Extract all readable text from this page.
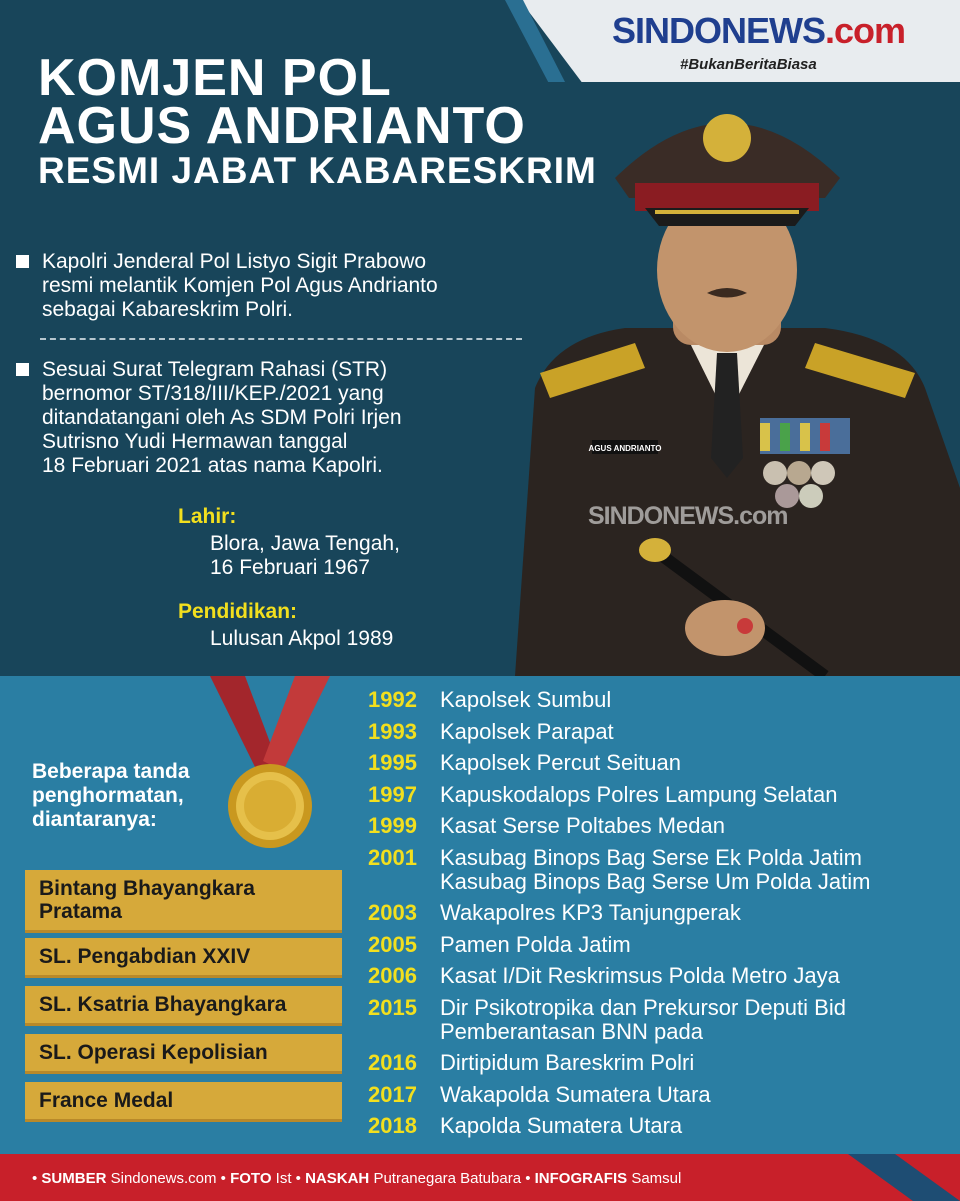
SINDONEWS.com
#BukanBeritaBiasa
KOMJEN POL
AGUS ANDRIANTO
RESMI JABAT KABARESKRIM
Kapolri Jenderal Pol Listyo Sigit Prabowo
resmi melantik Komjen Pol Agus Andrianto
sebagai Kabareskrim Polri.
Sesuai Surat Telegram Rahasi (STR)
bernomor ST/318/III/KEP./2021 yang
ditandatangani oleh As SDM Polri Irjen
Sutrisno Yudi Hermawan tanggal
18 Februari 2021 atas nama Kapolri.
Lahir:
Blora, Jawa Tengah,
16 Februari 1967
Pendidikan:
Lulusan Akpol 1989
AGUS ANDRIANTO
SINDONEWS.com
Beberapa tanda
penghormatan,
diantaranya:
Bintang Bhayangkara
Pratama
SL. Pengabdian XXIV
SL. Ksatria Bhayangkara
SL. Operasi Kepolisian
France Medal
1992	Kapolsek Sumbul
1993	Kapolsek Parapat
1995	Kapolsek Percut Seituan
1997	Kapuskodalops Polres Lampung Selatan
1999	Kasat Serse Poltabes Medan
2001	Kasubag Binops Bag Serse Ek Polda Jatim
Kasubag Binops Bag Serse Um Polda Jatim
2003	Wakapolres KP3 Tanjungperak
2005	Pamen Polda Jatim
2006	Kasat I/Dit Reskrimsus Polda Metro Jaya
2015	Dir Psikotropika dan Prekursor Deputi Bid
Pemberantasan BNN pada
2016	Dirtipidum Bareskrim Polri
2017	Wakapolda Sumatera Utara
2018	Kapolda Sumatera Utara
• SUMBER Sindonews.com • FOTO Ist • NASKAH Putranegara Batubara • INFOGRAFIS Samsul
